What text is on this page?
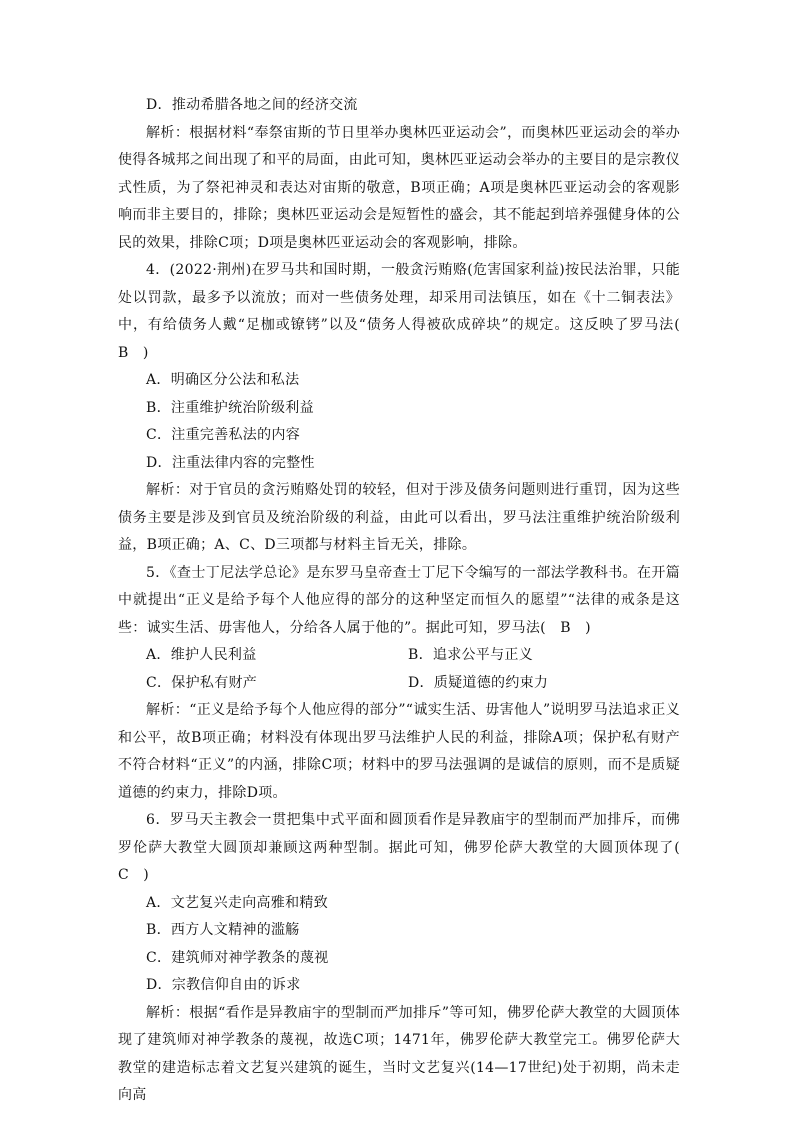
D．推动希腊各地之间的经济交流

解析：根据材料“奉祭宙斯的节日里举办奥林匹亚运动会”，而奥林匹亚运动会的举办使得各城邦之间出现了和平的局面，由此可知，奥林匹亚运动会举办的主要目的是宗教仪式性质，为了祭祀神灵和表达对宙斯的敬意，B项正确；A项是奥林匹亚运动会的客观影响而非主要目的，排除；奥林匹亚运动会是短暂性的盛会，其不能起到培养强健身体的公民的效果，排除C项；D项是奥林匹亚运动会的客观影响，排除。

4．(2022·荆州)在罗马共和国时期，一般贪污贿赂(危害国家利益)按民法治罪，只能处以罚款，最多予以流放；而对一些债务处理，却采用司法镇压，如在《十二铜表法》中，有给债务人戴“足枷或镣铐”以及“债务人得被砍成碎块”的规定。这反映了罗马法(　B　)

A．明确区分公法和私法

B．注重维护统治阶级利益

C．注重完善私法的内容

D．注重法律内容的完整性

解析：对于官员的贪污贿赂处罚的较轻，但对于涉及债务问题则进行重罚，因为这些债务主要是涉及到官员及统治阶级的利益，由此可以看出，罗马法注重维护统治阶级利益，B项正确；A、C、D三项都与材料主旨无关，排除。

5．《查士丁尼法学总论》是东罗马皇帝查士丁尼下令编写的一部法学教科书。在开篇中就提出“正义是给予每个人他应得的部分的这种坚定而恒久的愿望”“法律的戒条是这些：诚实生活、毋害他人，分给各人属于他的”。据此可知，罗马法(　B　)

A．维护人民利益	B．追求公平与正义
C．保护私有财产	D．质疑道德的约束力

解析：“正义是给予每个人他应得的部分”“诚实生活、毋害他人”说明罗马法追求正义和公平，故B项正确；材料没有体现出罗马法维护人民的利益，排除A项；保护私有财产不符合材料“正义”的内涵，排除C项；材料中的罗马法强调的是诚信的原则，而不是质疑道德的约束力，排除D项。

6．罗马天主教会一贯把集中式平面和圆顶看作是异教庙宇的型制而严加排斥，而佛罗伦萨大教堂大圆顶却兼顾这两种型制。据此可知，佛罗伦萨大教堂的大圆顶体现了(　C　)

A．文艺复兴走向高雅和精致

B．西方人文精神的滥觞

C．建筑师对神学教条的蔑视

D．宗教信仰自由的诉求

解析：根据“看作是异教庙宇的型制而严加排斥”等可知，佛罗伦萨大教堂的大圆顶体现了建筑师对神学教条的蔑视，故选C项；1471年，佛罗伦萨大教堂完工。佛罗伦萨大教堂的建造标志着文艺复兴建筑的诞生，当时文艺复兴(14—17世纪)处于初期，尚未走向高
